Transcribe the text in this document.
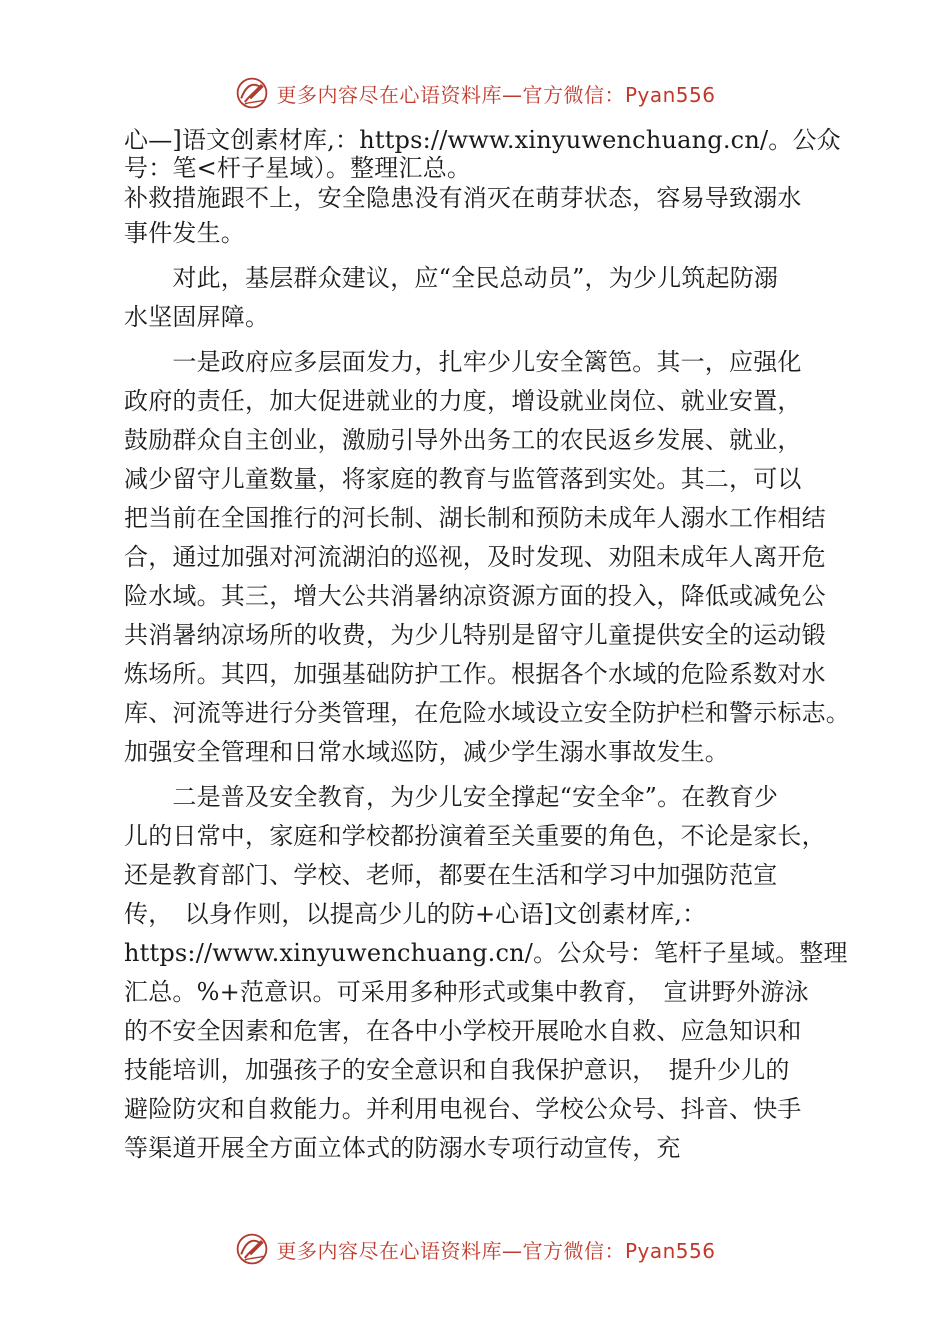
更多内容尽在心语资料库—官方微信：Pyan556
心—]语文创素材库,：https://www.xinyuwenchuang.cn/。公众
号：笔<杆子星域）。整理汇总。
补救措施跟不上，安全隐患没有消灭在萌芽状态，容易导致溺水
事件发生。
　　对此，基层群众建议，应“全民总动员”，为少儿筑起防溺
水坚固屏障。
　　一是政府应多层面发力，扎牢少儿安全篱笆。其一，应强化
政府的责任，加大促进就业的力度，增设就业岗位、就业安置，
鼓励群众自主创业，激励引导外出务工的农民返乡发展、就业，
减少留守儿童数量，将家庭的教育与监管落到实处。其二，可以
把当前在全国推行的河长制、湖长制和预防未成年人溺水工作相结
合，通过加强对河流湖泊的巡视，及时发现、劝阻未成年人离开危
险水域。其三，增大公共消暑纳凉资源方面的投入，降低或减免公
共消暑纳凉场所的收费，为少儿特别是留守儿童提供安全的运动锻
炼场所。其四，加强基础防护工作。根据各个水域的危险系数对水
库、河流等进行分类管理，在危险水域设立安全防护栏和警示标志。
加强安全管理和日常水域巡防，减少学生溺水事故发生。
　　二是普及安全教育，为少儿安全撑起“安全伞”。在教育少
儿的日常中，家庭和学校都扮演着至关重要的角色，不论是家长，
还是教育部门、学校、老师，都要在生活和学习中加强防范宣
传，　以身作则，以提高少儿的防+心语]文创素材库,：
https://www.xinyuwenchuang.cn/。公众号：笔杆子星域。整理
汇总。%+范意识。可采用多种形式或集中教育，　宣讲野外游泳
的不安全因素和危害，在各中小学校开展呛水自救、应急知识和
技能培训，加强孩子的安全意识和自我保护意识，　提升少儿的
避险防灾和自救能力。并利用电视台、学校公众号、抖音、快手
等渠道开展全方面立体式的防溺水专项行动宣传，充
更多内容尽在心语资料库—官方微信：Pyan556
